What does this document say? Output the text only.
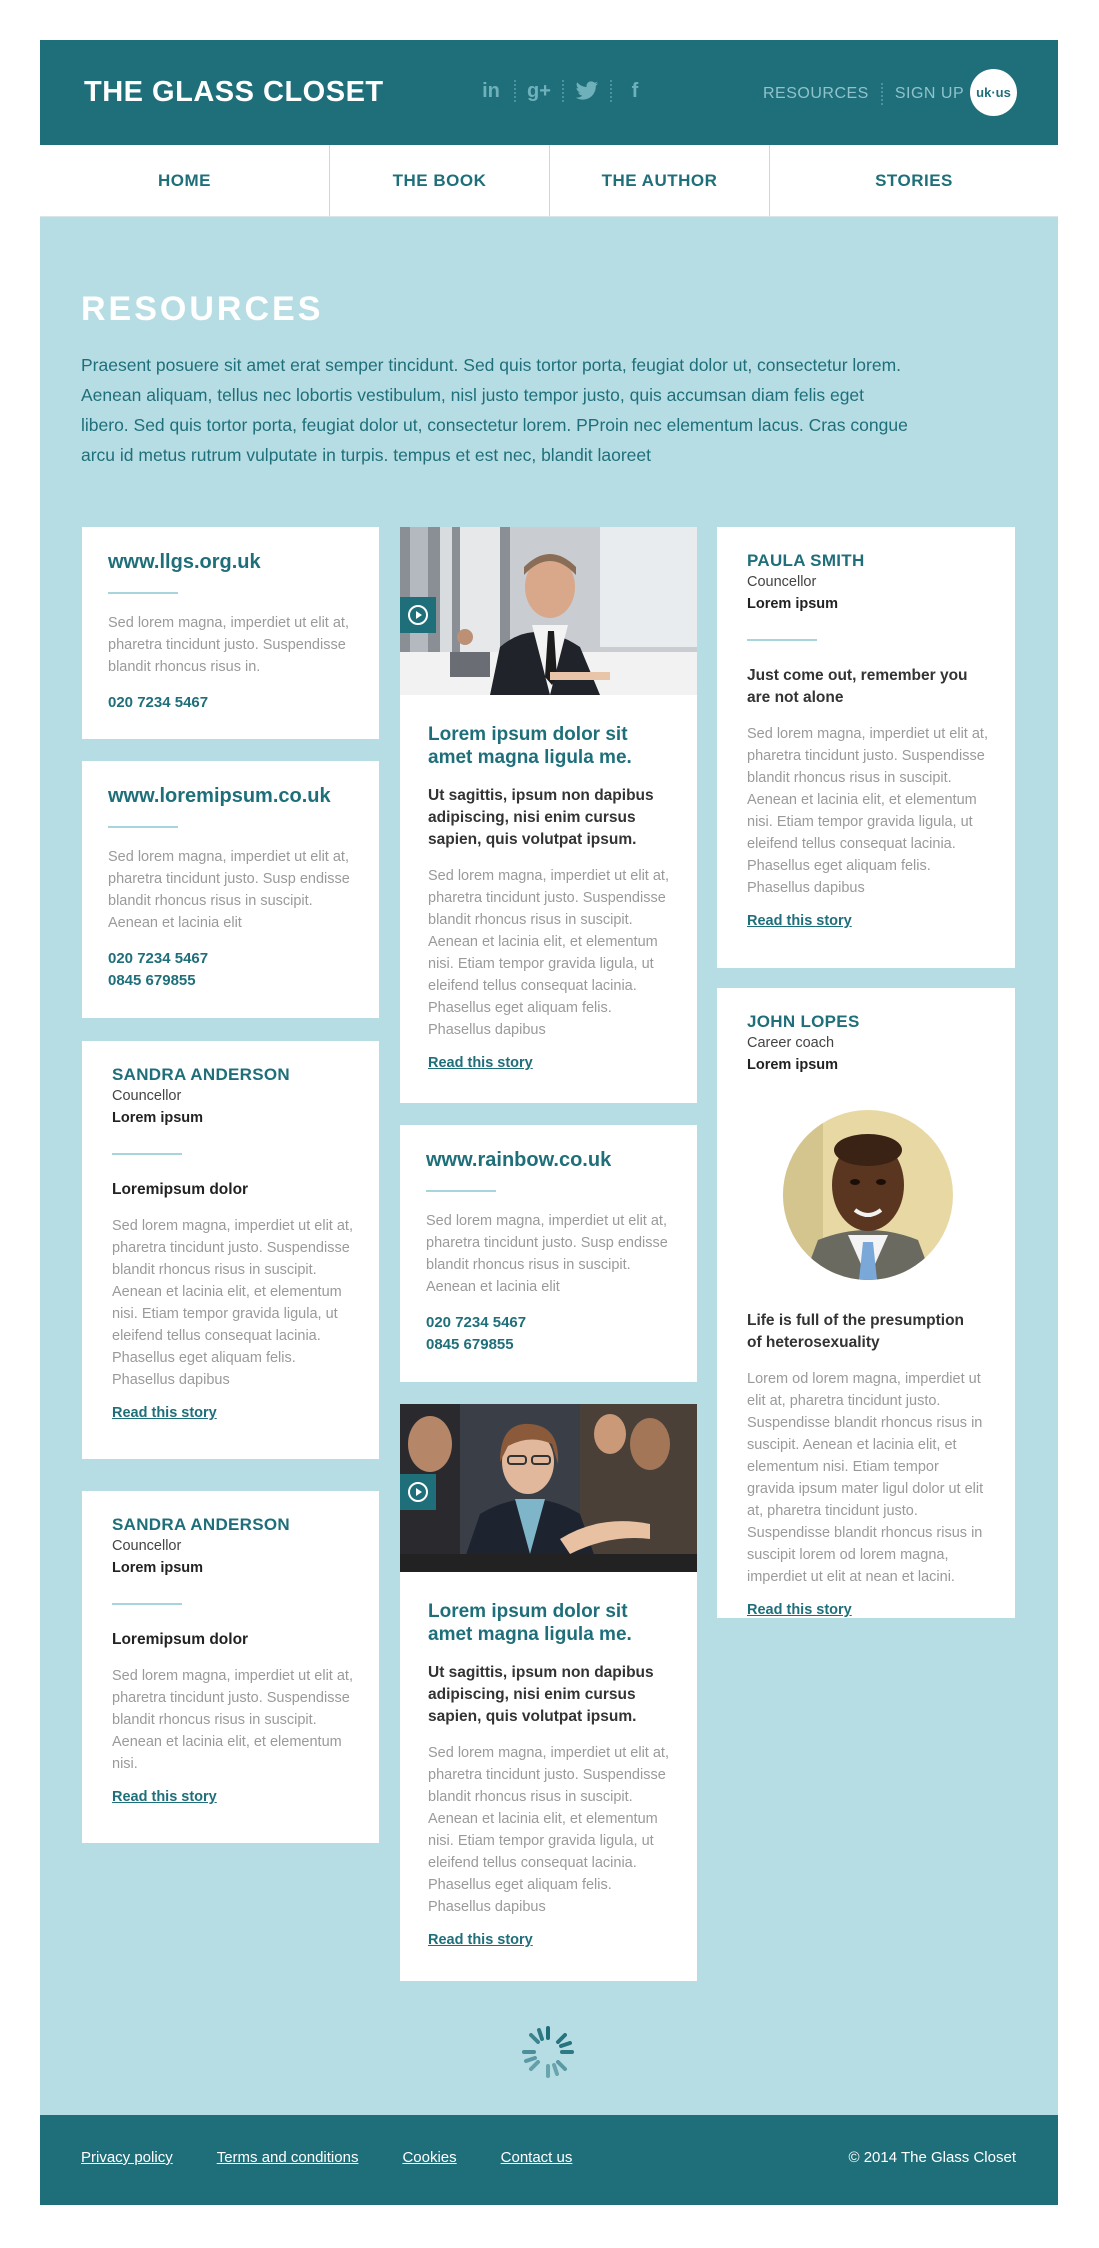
THE GLASS CLOSET	in g+	f	RESOURCES SIGN UP uk·us
HOME	THE BOOK	THE AUTHOR	STORIES
RESOURCES
Praesent posuere sit amet erat semper tincidunt. Sed quis tortor porta, feugiat dolor ut, consectetur lorem. Aenean aliquam, tellus nec lobortis vestibulum, nisl justo tempor justo, quis accumsan diam felis eget libero. Sed quis tortor porta, feugiat dolor ut, consectetur lorem. PProin nec elementum lacus. Cras congue arcu id metus rutrum vulputate in turpis. tempus et est nec, blandit laoreet
www.llgs.org.uk
Sed lorem magna, imperdiet ut elit at, pharetra tincidunt justo. Suspendisse blandit rhoncus risus in.
020 7234 5467
www.loremipsum.co.uk
Sed lorem magna, imperdiet ut elit at, pharetra tincidunt justo. Susp endisse blandit rhoncus risus in suscipit. Aenean et lacinia elit
020 7234 5467
0845 679855
SANDRA ANDERSON
Councellor
Lorem ipsum
Loremipsum dolor
Sed lorem magna, imperdiet ut elit at, pharetra tincidunt justo. Suspendisse blandit rhoncus risus in suscipit. Aenean et lacinia elit, et elementum nisi. Etiam tempor gravida ligula, ut eleifend tellus consequat lacinia. Phasellus eget aliquam felis. Phasellus dapibus
Read this story
SANDRA ANDERSON
Councellor
Lorem ipsum
Loremipsum dolor
Sed lorem magna, imperdiet ut elit at, pharetra tincidunt justo. Suspendisse blandit rhoncus risus in suscipit. Aenean et lacinia elit, et elementum nisi.
Read this story
Lorem ipsum dolor sit amet magna ligula me.
Ut sagittis, ipsum non dapibus adipiscing, nisi enim cursus sapien, quis volutpat ipsum.
Sed lorem magna, imperdiet ut elit at, pharetra tincidunt justo. Suspendisse blandit rhoncus risus in suscipit. Aenean et lacinia elit, et elementum nisi. Etiam tempor gravida ligula, ut eleifend tellus consequat lacinia. Phasellus eget aliquam felis. Phasellus dapibus
Read this story
www.rainbow.co.uk
Sed lorem magna, imperdiet ut elit at, pharetra tincidunt justo. Susp endisse blandit rhoncus risus in suscipit. Aenean et lacinia elit
020 7234 5467
0845 679855
Lorem ipsum dolor sit amet magna ligula me.
Ut sagittis, ipsum non dapibus adipiscing, nisi enim cursus sapien, quis volutpat ipsum.
Sed lorem magna, imperdiet ut elit at, pharetra tincidunt justo. Suspendisse blandit rhoncus risus in suscipit. Aenean et lacinia elit, et elementum nisi. Etiam tempor gravida ligula, ut eleifend tellus consequat lacinia. Phasellus eget aliquam felis. Phasellus dapibus
Read this story
PAULA SMITH
Councellor
Lorem ipsum
Just come out, remember you are not alone
Sed lorem magna, imperdiet ut elit at, pharetra tincidunt justo. Suspendisse blandit rhoncus risus in suscipit. Aenean et lacinia elit, et elementum nisi. Etiam tempor gravida ligula, ut eleifend tellus consequat lacinia. Phasellus eget aliquam felis. Phasellus dapibus
Read this story
JOHN LOPES
Career coach
Lorem ipsum
Life is full of the presumption of heterosexuality
Lorem od lorem magna, imperdiet ut elit at, pharetra tincidunt justo. Suspendisse blandit rhoncus risus in suscipit. Aenean et lacinia elit, et elementum nisi. Etiam tempor gravida ipsum mater ligul dolor ut elit at, pharetra tincidunt justo. Suspendisse blandit rhoncus risus in suscipit lorem od lorem magna, imperdiet ut elit at nean et lacini.
Read this story
Privacy policy	Terms and conditions	Cookies	Contact us	© 2014 The Glass Closet
